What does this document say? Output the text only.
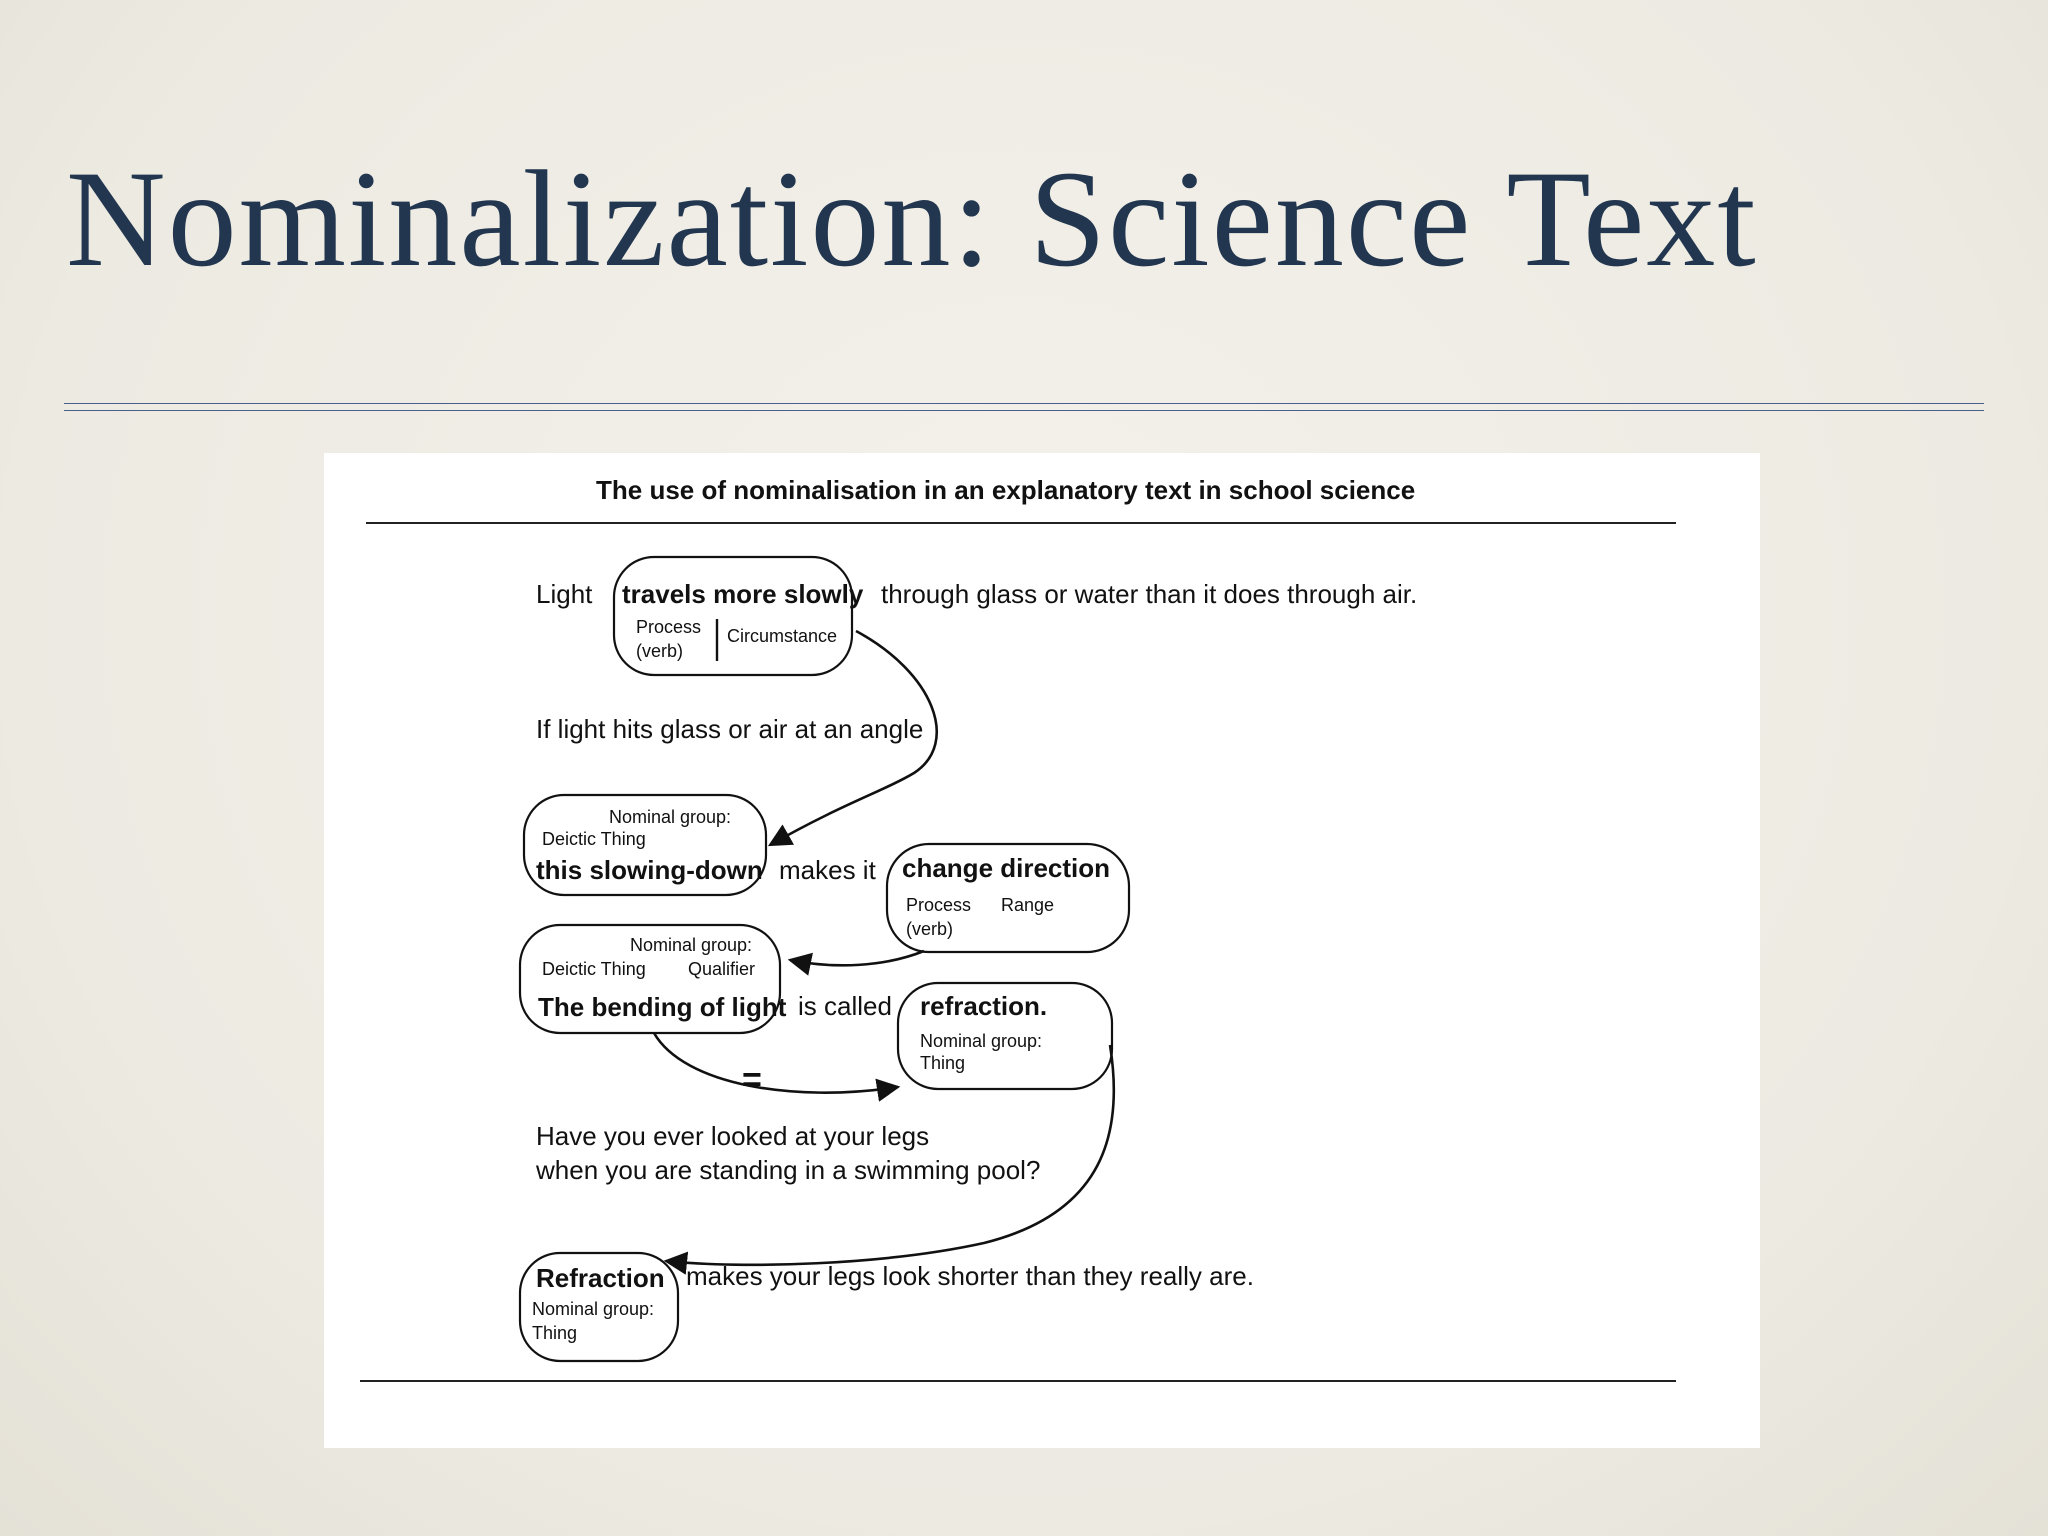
Nominalization: Science Text
The use of nominalisation in an explanatory text in school science
Light travels more slowly
Process
(verb)
Circumstance
through glass or water than it does through air.
If light hits glass or air at an angle
Nominal group:
Deictic Thing
this slowing-down makes it change direction
Process
(verb)
Range
Nominal group:
Deictic Thing Qualifier
The bending of light is called refraction.
Nominal group:
Thing
=
Have you ever looked at your legs
when you are standing in a swimming pool?
Refraction
Nominal group:
Thing
makes your legs look shorter than they really are.
